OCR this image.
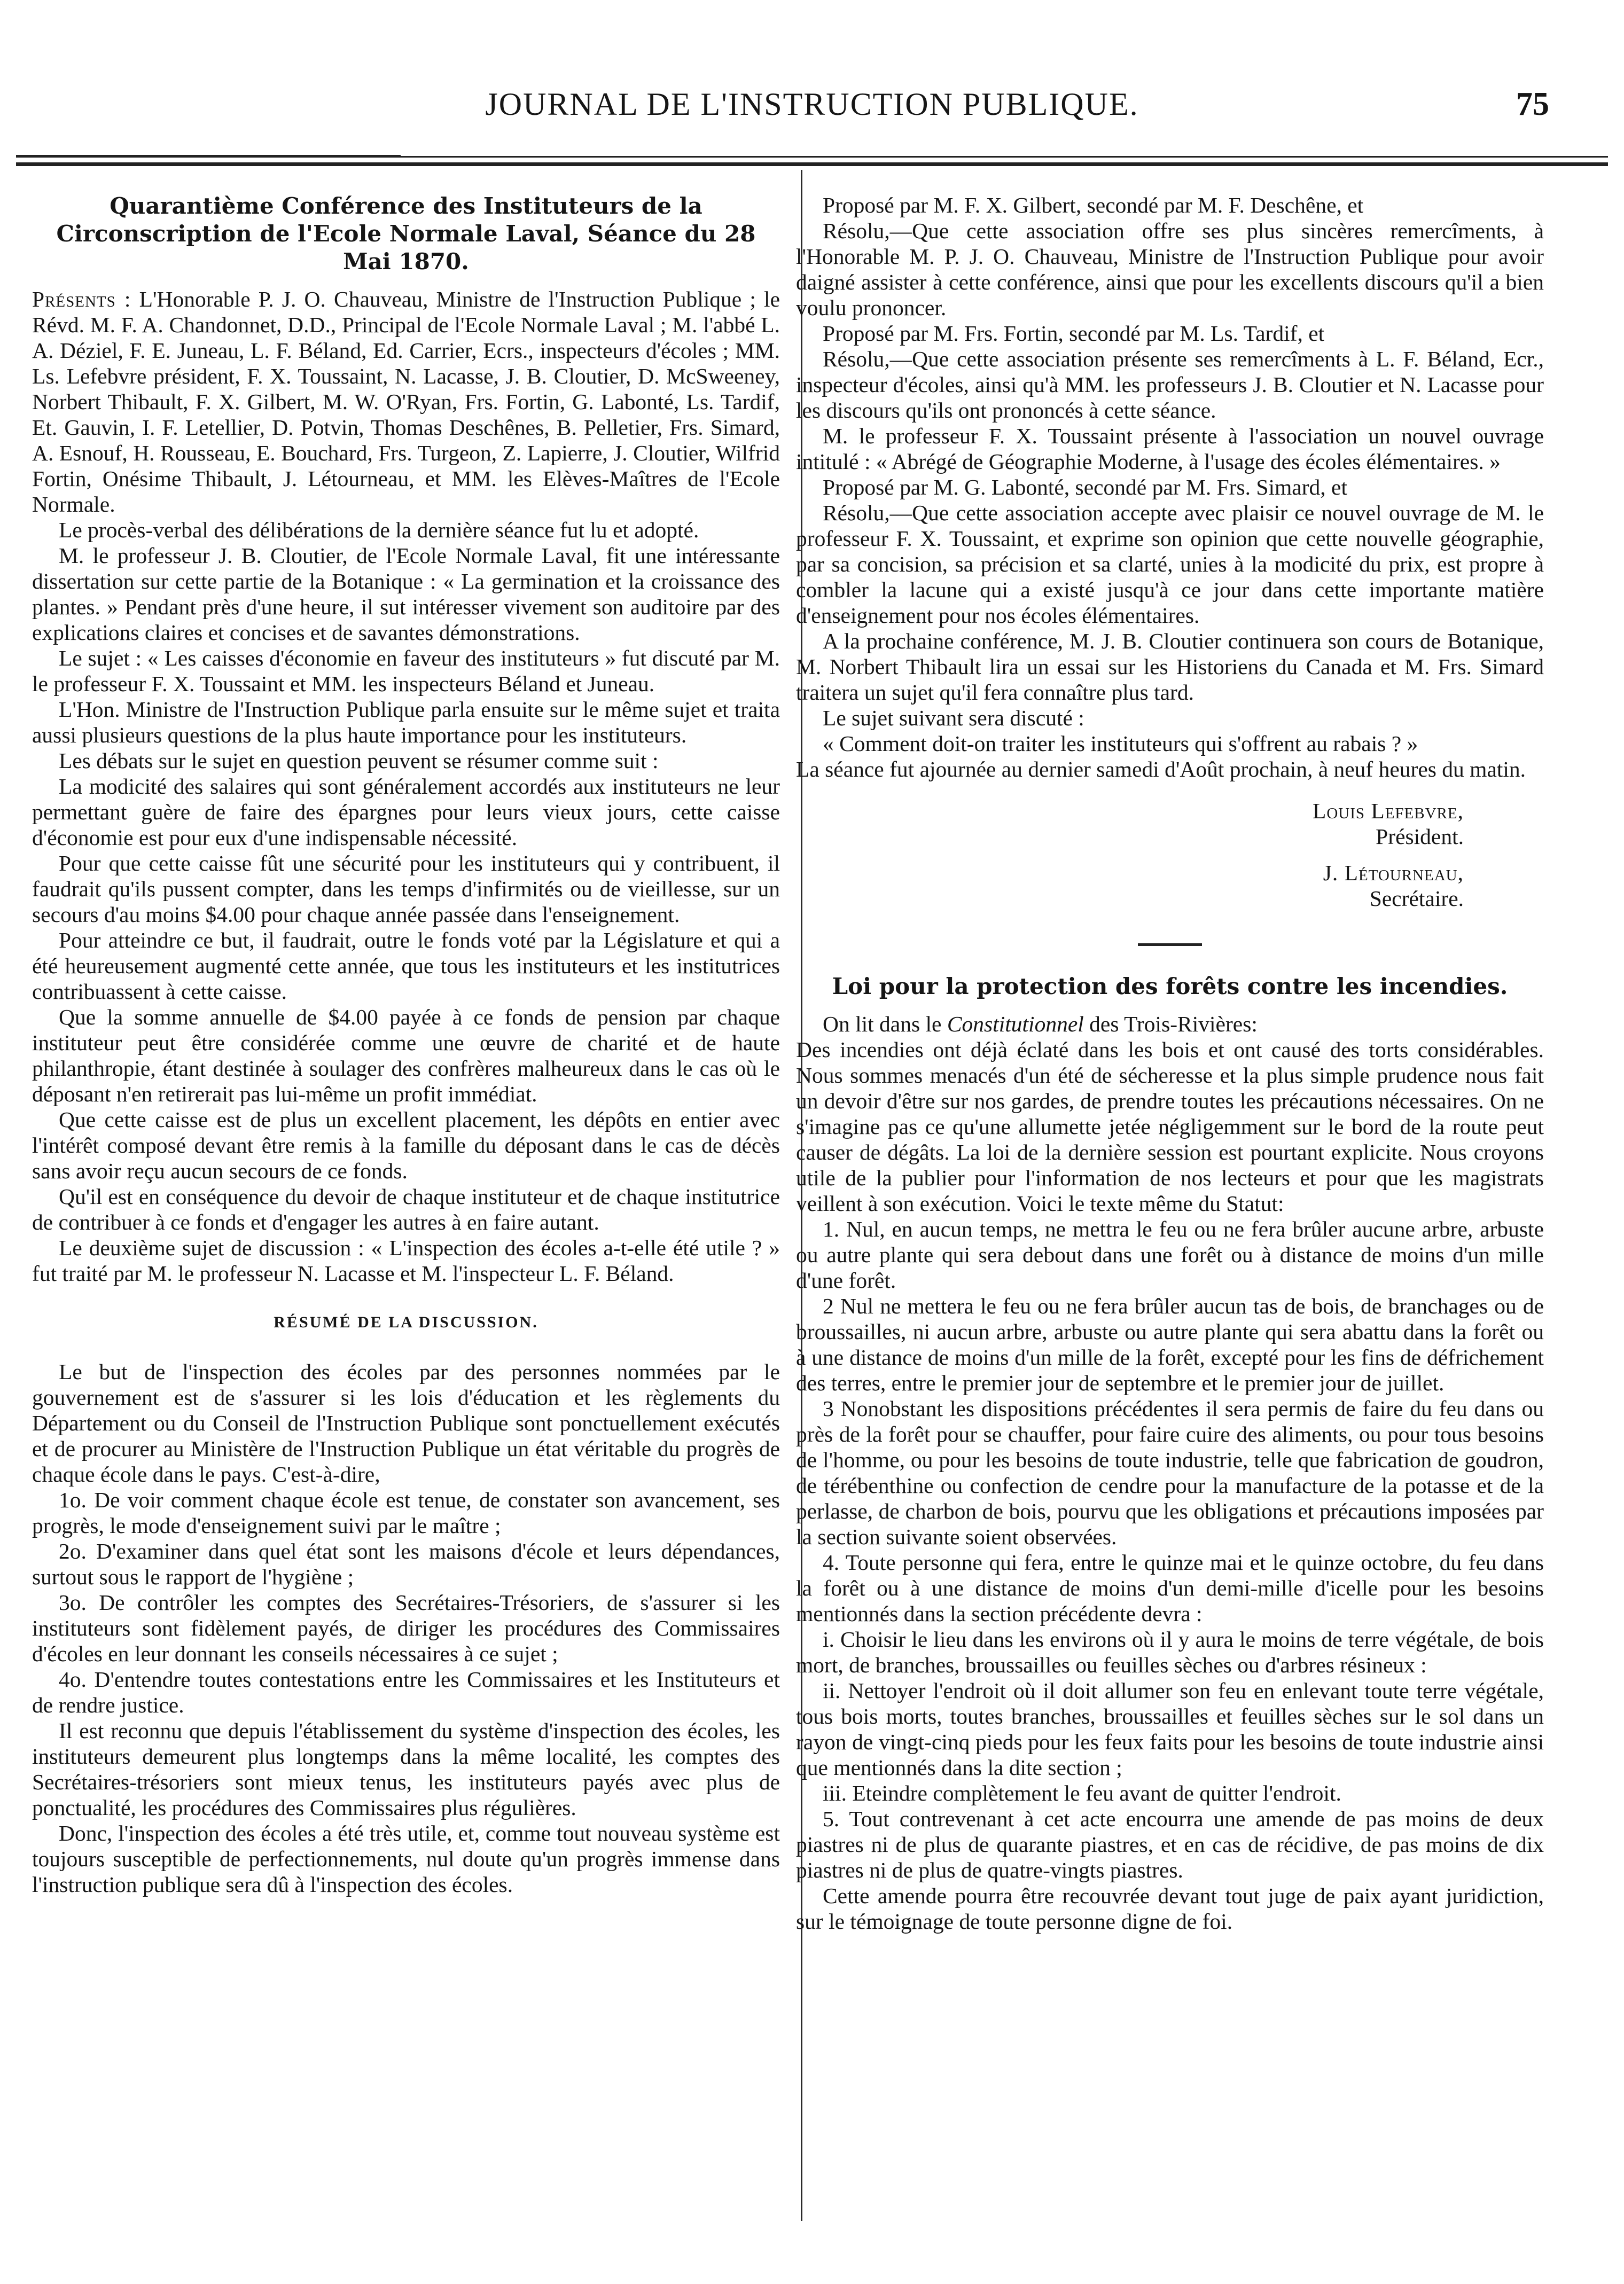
JOURNAL DE L'INSTRUCTION PUBLIQUE.	75
Quarantième Conférence des Instituteurs de la Circonscription de l'Ecole Normale Laval, Séance du 28 Mai 1870.

Présents : L'Honorable P. J. O. Chauveau, Ministre de l'Instruction Publique ; le Révd. M. F. A. Chandonnet, D.D., Principal de l'Ecole Normale Laval ; M. l'abbé L. A. Déziel, F. E. Juneau, L. F. Béland, Ed. Carrier, Ecrs., inspecteurs d'écoles ; MM. Ls. Lefebvre président, F. X. Toussaint, N. Lacasse, J. B. Cloutier, D. McSweeney, Norbert Thibault, F. X. Gilbert, M. W. O'Ryan, Frs. Fortin, G. Labonté, Ls. Tardif, Et. Gauvin, I. F. Letellier, D. Potvin, Thomas Deschênes, B. Pelletier, Frs. Simard, A. Esnouf, H. Rousseau, E. Bouchard, Frs. Turgeon, Z. Lapierre, J. Cloutier, Wilfrid Fortin, Onésime Thibault, J. Létourneau, et MM. les Elèves-Maîtres de l'Ecole Normale.

Le procès-verbal des délibérations de la dernière séance fut lu et adopté.

M. le professeur J. B. Cloutier, de l'Ecole Normale Laval, fit une intéressante dissertation sur cette partie de la Botanique : « La germination et la croissance des plantes. » Pendant près d'une heure, il sut intéresser vivement son auditoire par des explications claires et concises et de savantes démonstrations.

Le sujet : « Les caisses d'économie en faveur des instituteurs » fut discuté par M. le professeur F. X. Toussaint et MM. les inspecteurs Béland et Juneau.

L'Hon. Ministre de l'Instruction Publique parla ensuite sur le même sujet et traita aussi plusieurs questions de la plus haute importance pour les instituteurs.

Les débats sur le sujet en question peuvent se résumer comme suit :

La modicité des salaires qui sont généralement accordés aux instituteurs ne leur permettant guère de faire des épargnes pour leurs vieux jours, cette caisse d'économie est pour eux d'une indispensable nécessité.

Pour que cette caisse fût une sécurité pour les instituteurs qui y contribuent, il faudrait qu'ils pussent compter, dans les temps d'infirmités ou de vieillesse, sur un secours d'au moins $4.00 pour chaque année passée dans l'enseignement.

Pour atteindre ce but, il faudrait, outre le fonds voté par la Législature et qui a été heureusement augmenté cette année, que tous les instituteurs et les institutrices contribuassent à cette caisse.

Que la somme annuelle de $4.00 payée à ce fonds de pension par chaque instituteur peut être considérée comme une œuvre de charité et de haute philanthropie, étant destinée à soulager des confrères malheureux dans le cas où le déposant n'en retirerait pas lui-même un profit immédiat.

Que cette caisse est de plus un excellent placement, les dépôts en entier avec l'intérêt composé devant être remis à la famille du déposant dans le cas de décès sans avoir reçu aucun secours de ce fonds.

Qu'il est en conséquence du devoir de chaque instituteur et de chaque institutrice de contribuer à ce fonds et d'engager les autres à en faire autant.

Le deuxième sujet de discussion : « L'inspection des écoles a-t-elle été utile ? » fut traité par M. le professeur N. Lacasse et M. l'inspecteur L. F. Béland.

RÉSUMÉ DE LA DISCUSSION.

Le but de l'inspection des écoles par des personnes nommées par le gouvernement est de s'assurer si les lois d'éducation et les règlements du Département ou du Conseil de l'Instruction Publique sont ponctuellement exécutés et de procurer au Ministère de l'Instruction Publique un état véritable du progrès de chaque école dans le pays. C'est-à-dire,

1o. De voir comment chaque école est tenue, de constater son avancement, ses progrès, le mode d'enseignement suivi par le maître ;

2o. D'examiner dans quel état sont les maisons d'école et leurs dépendances, surtout sous le rapport de l'hygiène ;

3o. De contrôler les comptes des Secrétaires-Trésoriers, de s'assurer si les instituteurs sont fidèlement payés, de diriger les procédures des Commissaires d'écoles en leur donnant les conseils nécessaires à ce sujet ;

4o. D'entendre toutes contestations entre les Commissaires et les Instituteurs et de rendre justice.

Il est reconnu que depuis l'établissement du système d'inspection des écoles, les instituteurs demeurent plus longtemps dans la même localité, les comptes des Secrétaires-trésoriers sont mieux tenus, les instituteurs payés avec plus de ponctualité, les procédures des Commissaires plus régulières.

Donc, l'inspection des écoles a été très utile, et, comme tout nouveau système est toujours susceptible de perfectionnements, nul doute qu'un progrès immense dans l'instruction publique sera dû à l'inspection des écoles.

Proposé par M. F. X. Gilbert, secondé par M. F. Deschêne, et

Résolu,—Que cette association offre ses plus sincères remercîments, à l'Honorable M. P. J. O. Chauveau, Ministre de l'Instruction Publique pour avoir daigné assister à cette conférence, ainsi que pour les excellents discours qu'il a bien voulu prononcer.

Proposé par M. Frs. Fortin, secondé par M. Ls. Tardif, et

Résolu,—Que cette association présente ses remercîments à L. F. Béland, Ecr., inspecteur d'écoles, ainsi qu'à MM. les professeurs J. B. Cloutier et N. Lacasse pour les discours qu'ils ont prononcés à cette séance.

M. le professeur F. X. Toussaint présente à l'association un nouvel ouvrage intitulé : « Abrégé de Géographie Moderne, à l'usage des écoles élémentaires. »

Proposé par M. G. Labonté, secondé par M. Frs. Simard, et

Résolu,—Que cette association accepte avec plaisir ce nouvel ouvrage de M. le professeur F. X. Toussaint, et exprime son opinion que cette nouvelle géographie, par sa concision, sa précision et sa clarté, unies à la modicité du prix, est propre à combler la lacune qui a existé jusqu'à ce jour dans cette importante matière d'enseignement pour nos écoles élémentaires.

A la prochaine conférence, M. J. B. Cloutier continuera son cours de Botanique, M. Norbert Thibault lira un essai sur les Historiens du Canada et M. Frs. Simard traitera un sujet qu'il fera connaître plus tard.

Le sujet suivant sera discuté :

« Comment doit-on traiter les instituteurs qui s'offrent au rabais ? »

La séance fut ajournée au dernier samedi d'Août prochain, à neuf heures du matin.

Louis Lefebvre,

Président.

J. Létourneau,

Secrétaire.

Loi pour la protection des forêts contre les incendies.

On lit dans le Constitutionnel des Trois-Rivières:

Des incendies ont déjà éclaté dans les bois et ont causé des torts considérables. Nous sommes menacés d'un été de sécheresse et la plus simple prudence nous fait un devoir d'être sur nos gardes, de prendre toutes les précautions nécessaires. On ne s'imagine pas ce qu'une allumette jetée négligemment sur le bord de la route peut causer de dégâts. La loi de la dernière session est pourtant explicite. Nous croyons utile de la publier pour l'information de nos lecteurs et pour que les magistrats veillent à son exécution. Voici le texte même du Statut:

1. Nul, en aucun temps, ne mettra le feu ou ne fera brûler aucune arbre, arbuste ou autre plante qui sera debout dans une forêt ou à distance de moins d'un mille d'une forêt.

2 Nul ne mettera le feu ou ne fera brûler aucun tas de bois, de branchages ou de broussailles, ni aucun arbre, arbuste ou autre plante qui sera abattu dans la forêt ou à une distance de moins d'un mille de la forêt, excepté pour les fins de défrichement des terres, entre le premier jour de septembre et le premier jour de juillet.

3 Nonobstant les dispositions précédentes il sera permis de faire du feu dans ou près de la forêt pour se chauffer, pour faire cuire des aliments, ou pour tous besoins de l'homme, ou pour les besoins de toute industrie, telle que fabrication de goudron, de térébenthine ou confection de cendre pour la manufacture de la potasse et de la perlasse, de charbon de bois, pourvu que les obligations et précautions imposées par la section suivante soient observées.

4. Toute personne qui fera, entre le quinze mai et le quinze octobre, du feu dans la forêt ou à une distance de moins d'un demi-mille d'icelle pour les besoins mentionnés dans la section précédente devra :

i. Choisir le lieu dans les environs où il y aura le moins de terre végétale, de bois mort, de branches, broussailles ou feuilles sèches ou d'arbres résineux :

ii. Nettoyer l'endroit où il doit allumer son feu en enlevant toute terre végétale, tous bois morts, toutes branches, broussailles et feuilles sèches sur le sol dans un rayon de vingt-cinq pieds pour les feux faits pour les besoins de toute industrie ainsi que mentionnés dans la dite section ;

iii. Eteindre complètement le feu avant de quitter l'endroit.

5. Tout contrevenant à cet acte encourra une amende de pas moins de deux piastres ni de plus de quarante piastres, et en cas de récidive, de pas moins de dix piastres ni de plus de quatre-vingts piastres.

Cette amende pourra être recouvrée devant tout juge de paix ayant juridiction, sur le témoignage de toute personne digne de foi.
